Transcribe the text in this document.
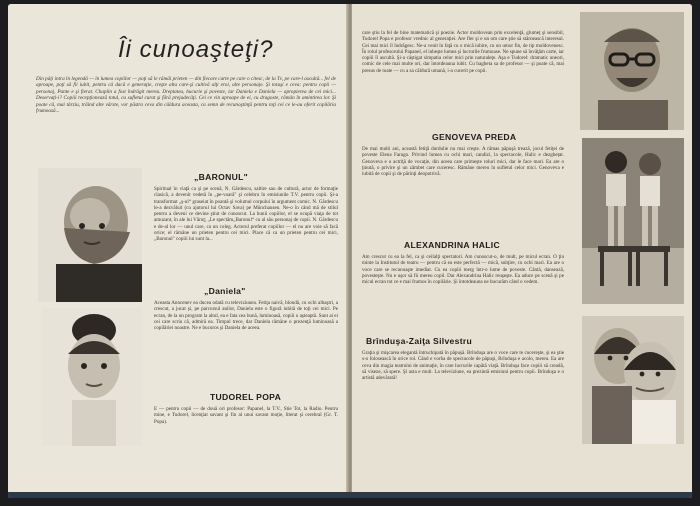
Îi cunoaşteţi?
Din păţi intra în legendă — în lumea copiilor — poţi să le rămâi prieten — din fiecare carte pe care o citesc, de la Tv, pe care-l ascultă... fel de aproape, poţi să fii iubit, pentru câ dacă e generaţie, creşte alta care-şi cultivă alţi eroi, alte personaje. Şi totuşi e ceva: pentru copii — personaj, Pante e şi fierat. Chaplin a fost îndrăgit mereu. Dreptatea, bucurie şi poveste, iar Daniela e Daniela — apropierea de cei mici... Deservaţi-i? Copiii recepţionează totul, cu sufletul curat şi fără prejudecăţi. Cei ce vin aproape de ei, cu dragoste, rămân în amintirea lor. Şi poate că, mai târziu, trăind alte vârste, vor păstra ceva din căldura aceasta, ca semn de recunoştinţă pentru toţi cei ce le-au oferit copilăria frumoasă...
„BARONUL"
Spiritual în viaţă ca şi pe scenă, N. Gărdescu, saltire sau de cultură, actor de formaţie clasică, a devenit vedetă în „pe-voară" şi celebru în emisiunile T.V. pentru copii. Şi-a transformat „ş-ul“ graseiat în poantă şi volumul corpului în argument comic. N. Gărdescu le-a dezvăluit (cu ajutorul lui Octav Sava) pe Münchausen. Ne-o în când mă de stilul pentru a deveni ce devine ştiut de cunoscut. La bunii copiilor, el se ocupă viaţa de tot amuzant, în ale lui Văruţ; „Le spectăm„Baronul“ cu al său personaj de copii. N. Gărdescu e de-al lor — unul care, ca un coleg. Actorul preferat copiilor — el nu are voie să facă orice; el rămâne un prieten pentru cei mici. Place că ca un prieten pentru cei mici, „Baronul" copiii lui sunt la...
„Daniela"
Aceasta Anncenev ea ducea odată cu televiziunea. Fetiţa naivă, blondă, cu ochi albaştri, a crescut, a jucat şi, pe parcursul anilor, Daniela este o figură iubită de toţi cei mici. Pe ecran, de la un program la altul, ea e fata cea bună, luminoasă, copiii o aşteaptă. Sunt ai ei cei care scriu că, admiră ea. Timpul trece, dar Daniela rămâne o prezenţă luminoasă a copilăriei noastre. Ne e bucuros şi Daniela de aceea.
TUDOREL POPA
E — pentru copii — de două ori profesor: Papanel, la T.V., Stie Tot, la Radio. Pentru mine, e Tudorel, licenţiat savant şi fin al unui savant moţie, literat şi cerebral (Gr. T. Popa).
care ştiu la fel de bine matematică şi poezie. Actor moldovean prin excelenţă, glumeţ şi sensibil, Tudorel Popa e profesor vrednic al generaţiei. Are fler şi e un om care ştie să stârnească interesul. Cei mai mici îl îndrăgesc. Ne-a venit în faţă cu o mică iubire, cu un umor fin, de tip moldovenesc. În rolul profesorului Papanel, el iubeşte lumea şi lucrurile frumoase. Ne spune să învăţăm carte, iar copiii îl ascultă. Şi-a câştigat simpatia celor mici prin naturaleţe. Aşa e Tudorel: dramatic uneori, comic de cele mai multe ori, dar întotdeauna iubit. Cu bagheta sa de profesor — şi poate că, mai presus de toate — cu a sa căldură umană, i-a cucerit pe copii.
GENOVEVA PREDA
De mai multi ani, această fetiţă durdulie nu mai creşte. A rămas păpuşă trează, jocul fetiţei de poveste Elena Farago. Privind lumea cu ochi mari, candizi, la spectacole, Halic e dezghețat. Genoveva e o actriţă de vocaţie, din aceea care primeşte roluri mici, dar le face mari. Ea are o ţinută, o privire şi un zâmbet care cuceresc. Rămâne mereu în sufletul celor mici. Genoveva e iubită de copii şi de părinţi deopotrivă.
ALEXANDRINA HALIC
Am crescut cu ea la fel, ca şi ceilalţi spectatori. Am cunoscut-o, de mult, pe micul ecran. O ţin minte la Institutul de teatru — pentru că ea este perfectă — mică, subţire, cu ochi mari. Ea are o voce care se recunoaşte imediat. Cu ea copiii merg într-o lume de poveste. Cântă, dansează, povesteşte. Nu e uşor să fii mereu copil. Dar Alexandrina Halic reuşeşte. Ea aduce pe scenă şi pe micul ecran tot ce e mai frumos în copilărie. Şi întotdeauna ne bucurăm când o vedem.
Brînduşa-Zaiţa Silvestru
Graţia şi mişcarea elegantă întruchipată în păpuşă. Brînduşa are o voce care te cucereşte, şi ea ştie s-o folosească în orice rol. Când e vorba de spectacole de păpuşi, Brînduşa e acolo, mereu. Ea are ceva din magia teatrului de animaţie, în care lucrurile capătă viaţă. Brînduşa face copiii să creadă, să viseze, să spere. Şi asta e mult. La televiziune, ea prezintă emisiuni pentru copii. Brînduşa e o artistă adevărată!
